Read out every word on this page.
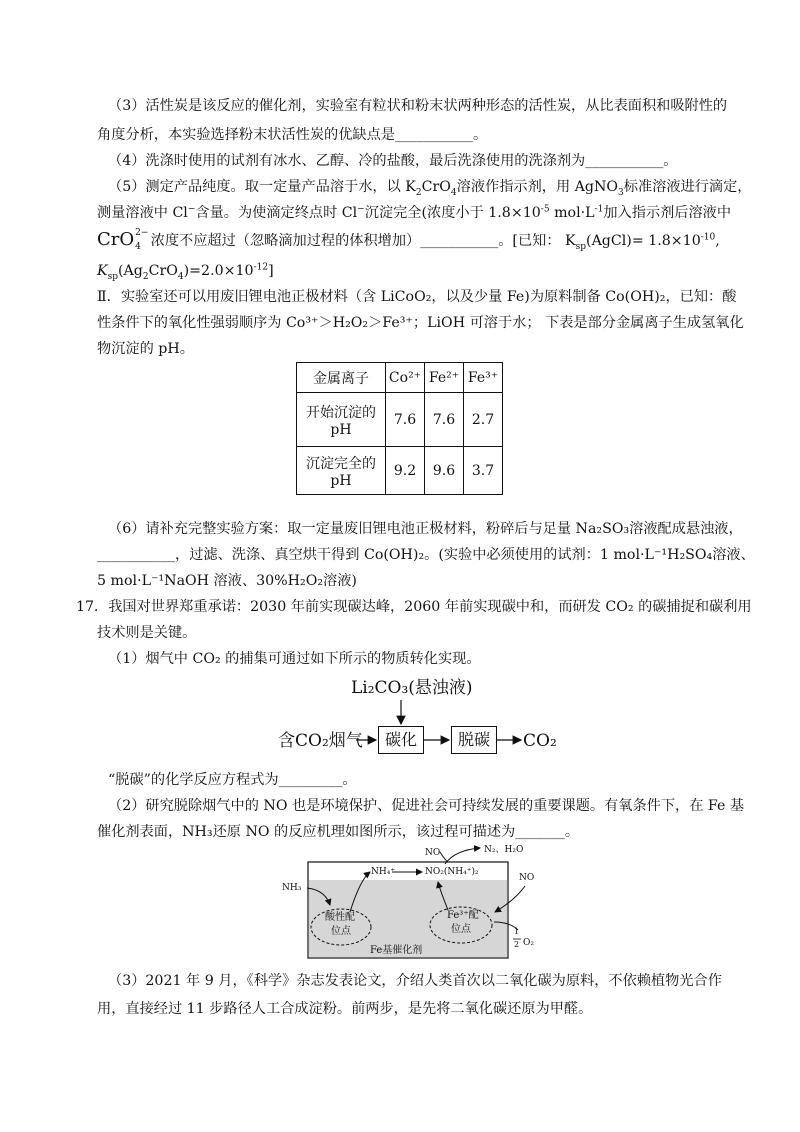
（3）活性炭是该反应的催化剂，实验室有粒状和粉末状两种形态的活性炭，从比表面积和吸附性的
角度分析，本实验选择粉末状活性炭的优缺点是___________。
（4）洗涤时使用的试剂有冰水、乙醇、冷的盐酸，最后洗涤使用的洗涤剂为___________。
（5）测定产品纯度。取一定量产品溶于水，以 $K_2CrO_4$溶液作指示剂，用 AgNO$_3$标准溶液进行滴定，
测量溶液中 Cl−含量。为使滴定终点时 Cl−沉淀完全(浓度小于 $1.8\times 10^{-5}$ $mol\cdot L^{-1}$加入指示剂后溶液中
CrO 2−
4 浓度不应超过（忽略滴加过程的体积增加）___________。[已知： $K_{sp}(AgCl)= 1.8\times 10^{-10}$,
$K_{sp}(Ag_2CrO_4)=2.0\times 10^{-12}$]
Ⅱ．实验室还可以用废旧锂电池正极材料（含 LiCoO₂，以及少量 Fe)为原料制备 Co(OH)₂，已知：酸
性条件下的氧化性强弱顺序为 Co³⁺＞H₂O₂＞Fe³⁺；LiOH 可溶于水； 下表是部分金属离子生成氢氧化
物沉淀的 pH。
金属离子	Co²⁺	Fe²⁺	Fe³⁺

开始沉淀的
pH	7.6	7.6	2.7

沉淀完全的
pH	9.2	9.6	3.7
（6）请补充完整实验方案：取一定量废旧锂电池正极材料，粉碎后与足量 Na₂SO₃溶液配成悬浊液，
___________，过滤、洗涤、真空烘干得到 Co(OH)₂。(实验中必须使用的试剂：1 mol·L⁻¹H₂SO₄溶液、
5 mol·L⁻¹NaOH 溶液、30%H₂O₂溶液)
17．我国对世界郑重承诺：2030 年前实现碳达峰，2060 年前实现碳中和，而研发 CO₂ 的碳捕捉和碳利用
技术则是关键。
（1）烟气中 CO₂ 的捕集可通过如下所示的物质转化实现。
Li₂CO₃(悬浊液)
含CO₂烟气	碳化	脱碳	CO₂
“脱碳”的化学反应方程式为_________。
（2）研究脱除烟气中的 NO 也是环境保护、促进社会可持续发展的重要课题。有氧条件下，在 Fe 基
催化剂表面，NH₃还原 NO 的反应机理如图所示，该过程可描述为_______。
NO	N₂、H₂O
NH₃
NH₄⁺	NO₂(NH₄⁺)₂
酸性配
位点
Fe³⁺配
位点
NO
1
2 O₂
Fe基催化剂
（3）2021 年 9 月，《科学》杂志发表论文，介绍人类首次以二氧化碳为原料，不依赖植物光合作
用，直接经过 11 步路径人工合成淀粉。前两步，是先将二氧化碳还原为甲醛。
